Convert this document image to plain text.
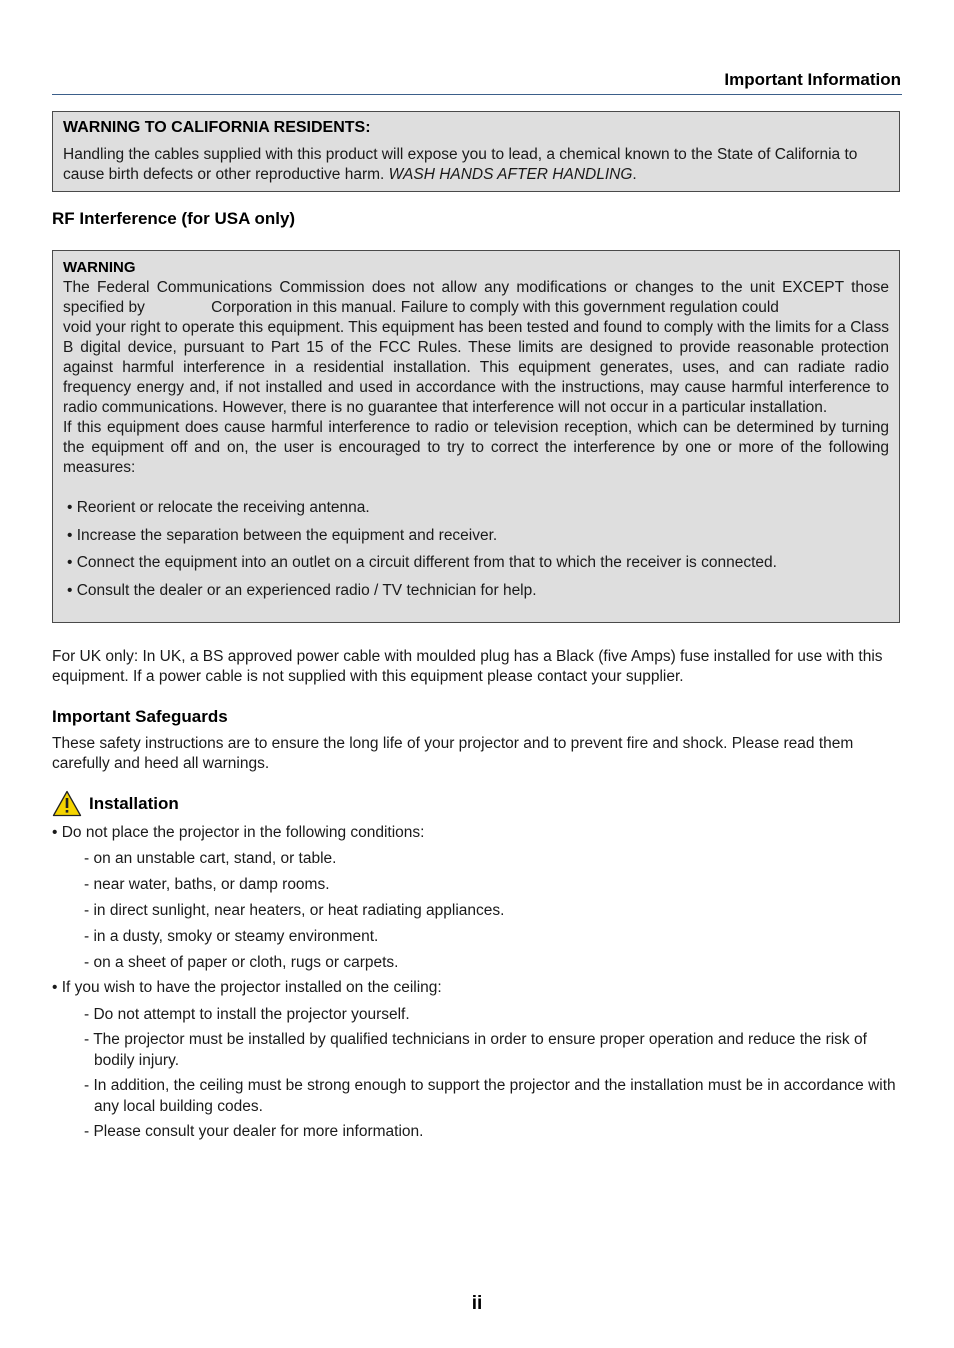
Important Information
WARNING TO CALIFORNIA RESIDENTS:

Handling the cables supplied with this product will expose you to lead, a chemical known to the State of California to cause birth defects or other reproductive harm. WASH HANDS AFTER HANDLING.

RF Interference (for USA only)
WARNING

The Federal Communications Commission does not allow any modifications or changes to the unit EXCEPT those specified by	Corporation in this manual. Failure to comply with this government regulation could

void your right to operate this equipment. This equipment has been tested and found to comply with the limits for a Class B digital device, pursuant to Part 15 of the FCC Rules. These limits are designed to provide reasonable protection against harmful interference in a residential installation. This equipment generates, uses, and can radiate radio frequency energy and, if not installed and used in accordance with the instructions, may cause harmful interference to radio communications. However, there is no guarantee that interference will not occur in a particular installation.

If this equipment does cause harmful interference to radio or television reception, which can be determined by turning the equipment off and on, the user is encouraged to try to correct the interference by one or more of the following measures:

• Reorient or relocate the receiving antenna.
• Increase the separation between the equipment and receiver.
• Connect the equipment into an outlet on a circuit different from that to which the receiver is connected.
• Consult the dealer or an experienced radio / TV technician for help.

For UK only: In UK, a BS approved power cable with moulded plug has a Black (five Amps) fuse installed for use with this equipment. If a power cable is not supplied with this equipment please contact your supplier.

Important Safeguards

These safety instructions are to ensure the long life of your projector and to prevent fire and shock. Please read them carefully and heed all warnings.

Installation
• Do not place the projector in the following conditions:
- on an unstable cart, stand, or table.
- near water, baths, or damp rooms.
- in direct sunlight, near heaters, or heat radiating appliances.
- in a dusty, smoky or steamy environment.
- on a sheet of paper or cloth, rugs or carpets.
• If you wish to have the projector installed on the ceiling:
- Do not attempt to install the projector yourself.
- The projector must be installed by qualified technicians in order to ensure proper operation and reduce the risk of bodily injury.
- In addition, the ceiling must be strong enough to support the projector and the installation must be in accordance with any local building codes.
- Please consult your dealer for more information.
ii
